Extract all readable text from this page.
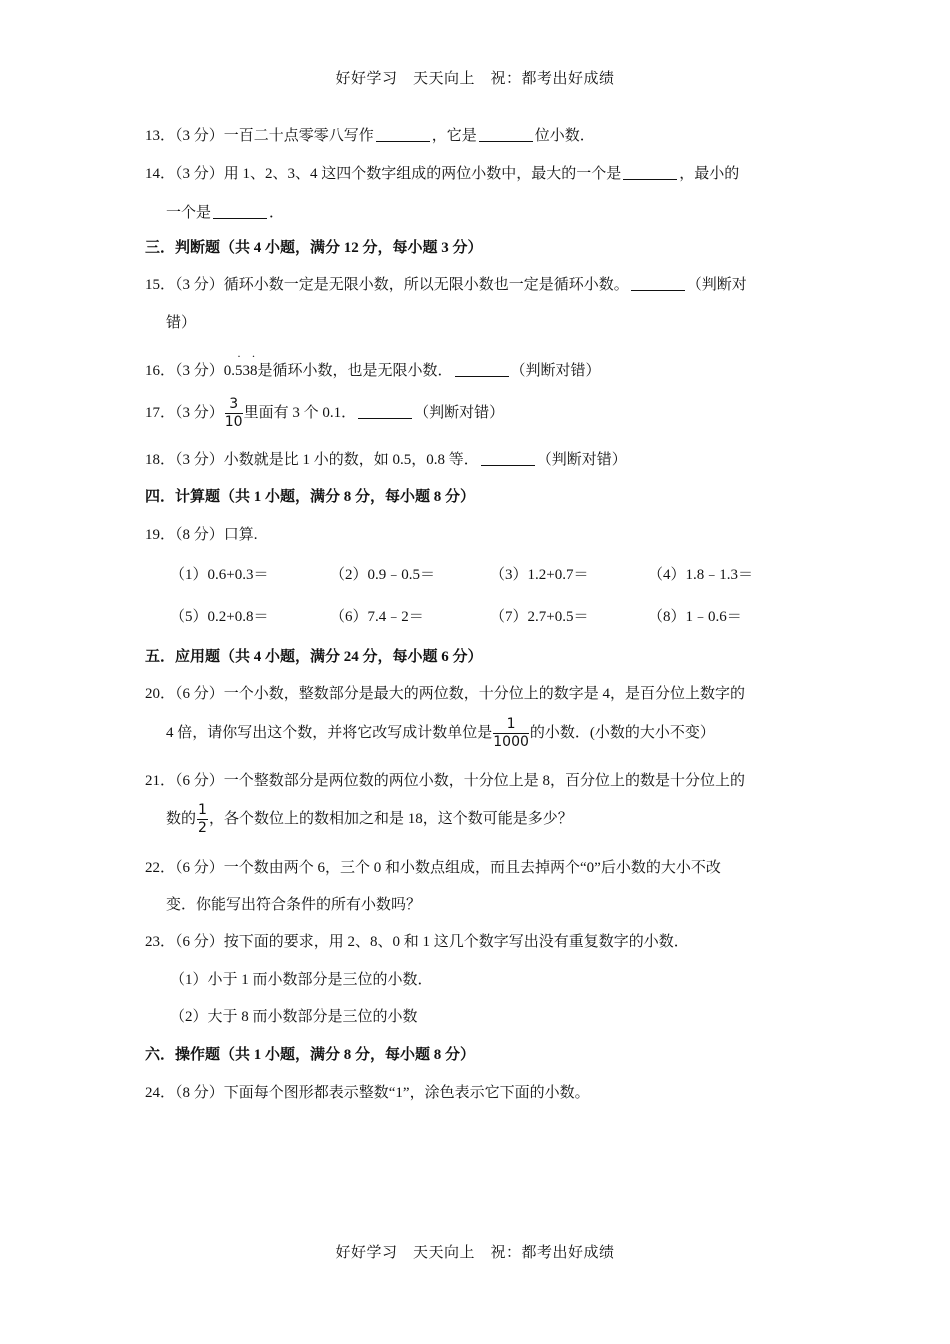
好好学习　天天向上　祝：都考出好成绩
13．（3 分）一百二十点零零八写作	，它是	位小数．
14．（3 分）用 1、2、3、4 这四个数字组成的两位小数中，最大的一个是	，最小的
一个是	．
三．判断题（共 4 小题，满分 12 分，每小题 3 分）
15．（3 分）循环小数一定是无限小数，所以无限小数也一定是循环小数。	（判断对
错）
16．（3 分）0.· 538 ·是循环小数，也是无限小数．	（判断对错）
17．（3 分） $\frac{3}{10}$ 里面有 3 个 0.1．	（判断对错）
18．（3 分）小数就是比 1 小的数，如 0.5，0.8 等．	（判断对错）
四．计算题（共 1 小题，满分 8 分，每小题 8 分）
19．（8 分）口算.
（1）0.6+0.3＝	（2）0.9﹣0.5＝	（3）1.2+0.7＝	（4）1.8﹣1.3＝
（5）0.2+0.8＝	（6）7.4﹣2＝	（7）2.7+0.5＝	（8）1﹣0.6＝
五．应用题（共 4 小题，满分 24 分，每小题 6 分）
20．（6 分）一个小数，整数部分是最大的两位数，十分位上的数字是 4，是百分位上数字的
4 倍，请你写出这个数，并将它改写成计数单位是 $\frac{1}{1000}$ 的小数．(小数的大小不变）
21．（6 分）一个整数部分是两位数的两位小数，十分位上是 8，百分位上的数是十分位上的
数的 $\frac{1}{2}$ ，各个数位上的数相加之和是 18，这个数可能是多少？
22．（6 分）一个数由两个 6，三个 0 和小数点组成，而且去掉两个“0”后小数的大小不改
变．你能写出符合条件的所有小数吗？
23．（6 分）按下面的要求，用 2、8、0 和 1 这几个数字写出没有重复数字的小数．
（1）小于 1 而小数部分是三位的小数．
（2）大于 8 而小数部分是三位的小数
六．操作题（共 1 小题，满分 8 分，每小题 8 分）
24．（8 分）下面每个图形都表示整数“1”，涂色表示它下面的小数。
好好学习　天天向上　祝：都考出好成绩
